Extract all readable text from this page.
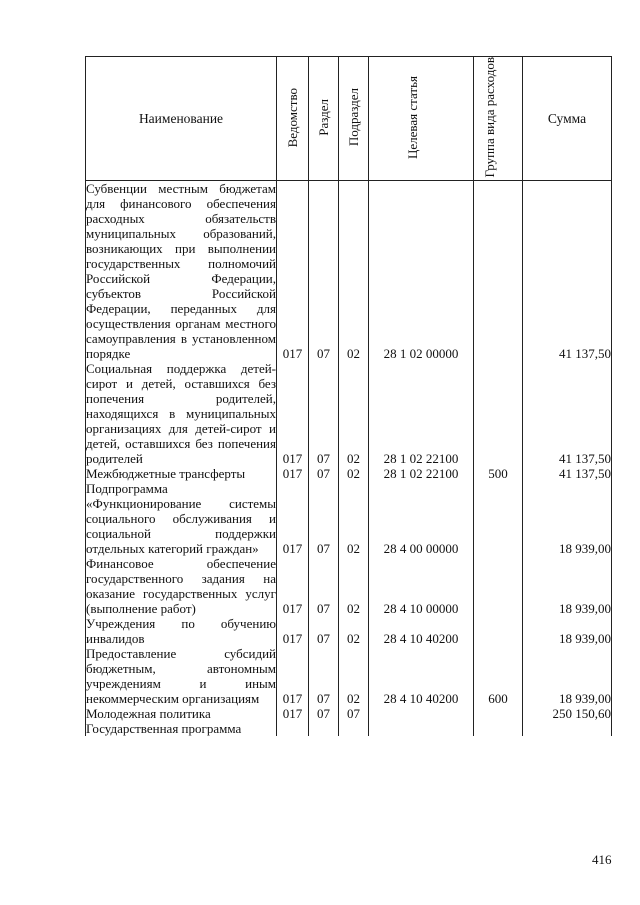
Наименование	Ведомство	Раздел	Подраздел	Целевая статья	Группа вида расходов	Сумма
Субвенции местным бюджетам для финансового обеспечения расходных обязательств муниципальных образований, возникающих при выполнении государственных полномочий Российской Федерации, субъектов Российской Федерации, переданных для осуществления органам местного самоуправления в установленном порядке	017	07	02	28 1 02 00000		41 137,50
Социальная поддержка детей-сирот и детей, оставшихся без попечения родителей, находящихся в муниципальных организациях для детей-сирот и детей, оставшихся без попечения родителей	017	07	02	28 1 02 22100		41 137,50
Межбюджетные трансферты	017	07	02	28 1 02 22100	500	41 137,50
Подпрограмма «Функционирование системы социального обслуживания и социальной поддержки отдельных категорий граждан»	017	07	02	28 4 00 00000		18 939,00
Финансовое обеспечение государственного задания на оказание государственных услуг (выполнение работ)	017	07	02	28 4 10 00000		18 939,00
Учреждения по обучению инвалидов	017	07	02	28 4 10 40200		18 939,00
Предоставление субсидий бюджетным, автономным учреждениям и иным некоммерческим организациям	017	07	02	28 4 10 40200	600	18 939,00
Молодежная политика	017	07	07			250 150,60
Государственная программа						
416
